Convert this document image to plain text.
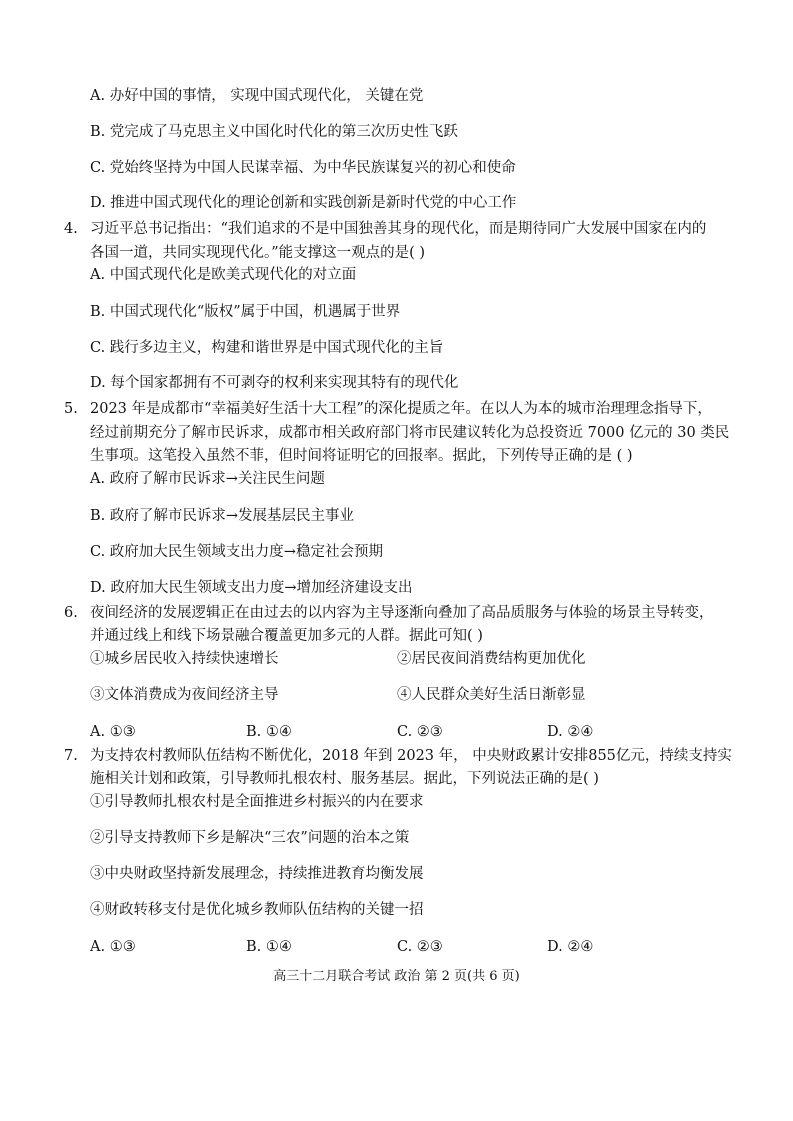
A. 办好中国的事情， 实现中国式现代化， 关键在党
B. 党完成了马克思主义中国化时代化的第三次历史性飞跃
C. 党始终坚持为中国人民谋幸福、为中华民族谋复兴的初心和使命
D. 推进中国式现代化的理论创新和实践创新是新时代党的中心工作
4. 习近平总书记指出：“我们追求的不是中国独善其身的现代化，而是期待同广大发展中国家在内的
各国一道，共同实现现代化。”能支撑这一观点的是( )
A. 中国式现代化是欧美式现代化的对立面
B. 中国式现代化“版权”属于中国，机遇属于世界
C. 践行多边主义，构建和谐世界是中国式现代化的主旨
D. 每个国家都拥有不可剥夺的权利来实现其特有的现代化
5. 2023 年是成都市“幸福美好生活十大工程”的深化提质之年。在以人为本的城市治理理念指导下，
经过前期充分了解市民诉求，成都市相关政府部门将市民建议转化为总投资近 7000 亿元的 30 类民
生事项。这笔投入虽然不菲，但时间将证明它的回报率。据此，下列传导正确的是 ( )
A. 政府了解市民诉求→关注民生问题
B. 政府了解市民诉求→发展基层民主事业
C. 政府加大民生领域支出力度→稳定社会预期
D. 政府加大民生领域支出力度→增加经济建设支出
6. 夜间经济的发展逻辑正在由过去的以内容为主导逐渐向叠加了高品质服务与体验的场景主导转变，
并通过线上和线下场景融合覆盖更加多元的人群。据此可知( )
①城乡居民收入持续快速增长	②居民夜间消费结构更加优化
③文体消费成为夜间经济主导	④人民群众美好生活日渐彰显
A. ①③	B. ①④	C. ②③	D. ②④
7. 为支持农村教师队伍结构不断优化，2018 年到 2023 年， 中央财政累计安排855亿元，持续支持实
施相关计划和政策，引导教师扎根农村、服务基层。据此，下列说法正确的是( )
①引导教师扎根农村是全面推进乡村振兴的内在要求
②引导支持教师下乡是解决“三农”问题的治本之策
③中央财政坚持新发展理念，持续推进教育均衡发展
④财政转移支付是优化城乡教师队伍结构的关键一招
A. ①③	B. ①④	C. ②③	D. ②④
高三十二月联合考试 政治 第 2 页(共 6 页)
